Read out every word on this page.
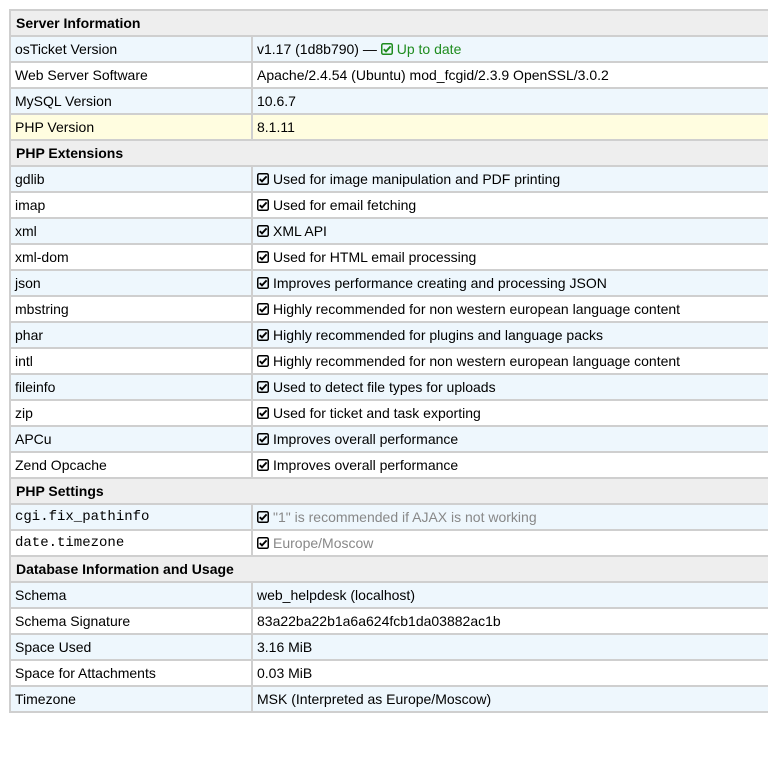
Server Information	
osTicket Version	v1.17 (1d8b790) — Up to date
Web Server Software	Apache/2.4.54 (Ubuntu) mod_fcgid/2.3.9 OpenSSL/3.0.2
MySQL Version	10.6.7
PHP Version	8.1.11
PHP Extensions	
gdlib	Used for image manipulation and PDF printing
imap	Used for email fetching
xml	XML API
xml-dom	Used for HTML email processing
json	Improves performance creating and processing JSON
mbstring	Highly recommended for non western european language content
phar	Highly recommended for plugins and language packs
intl	Highly recommended for non western european language content
fileinfo	Used to detect file types for uploads
zip	Used for ticket and task exporting
APCu	Improves overall performance
Zend Opcache	Improves overall performance
PHP Settings	
cgi.fix_pathinfo	"1" is recommended if AJAX is not working
date.timezone	Europe/Moscow
Database Information and Usage	
Schema	web_helpdesk (localhost)
Schema Signature	83a22ba22b1a6a624fcb1da03882ac1b
Space Used	3.16 MiB
Space for Attachments	0.03 MiB
Timezone	MSK (Interpreted as Europe/Moscow)
